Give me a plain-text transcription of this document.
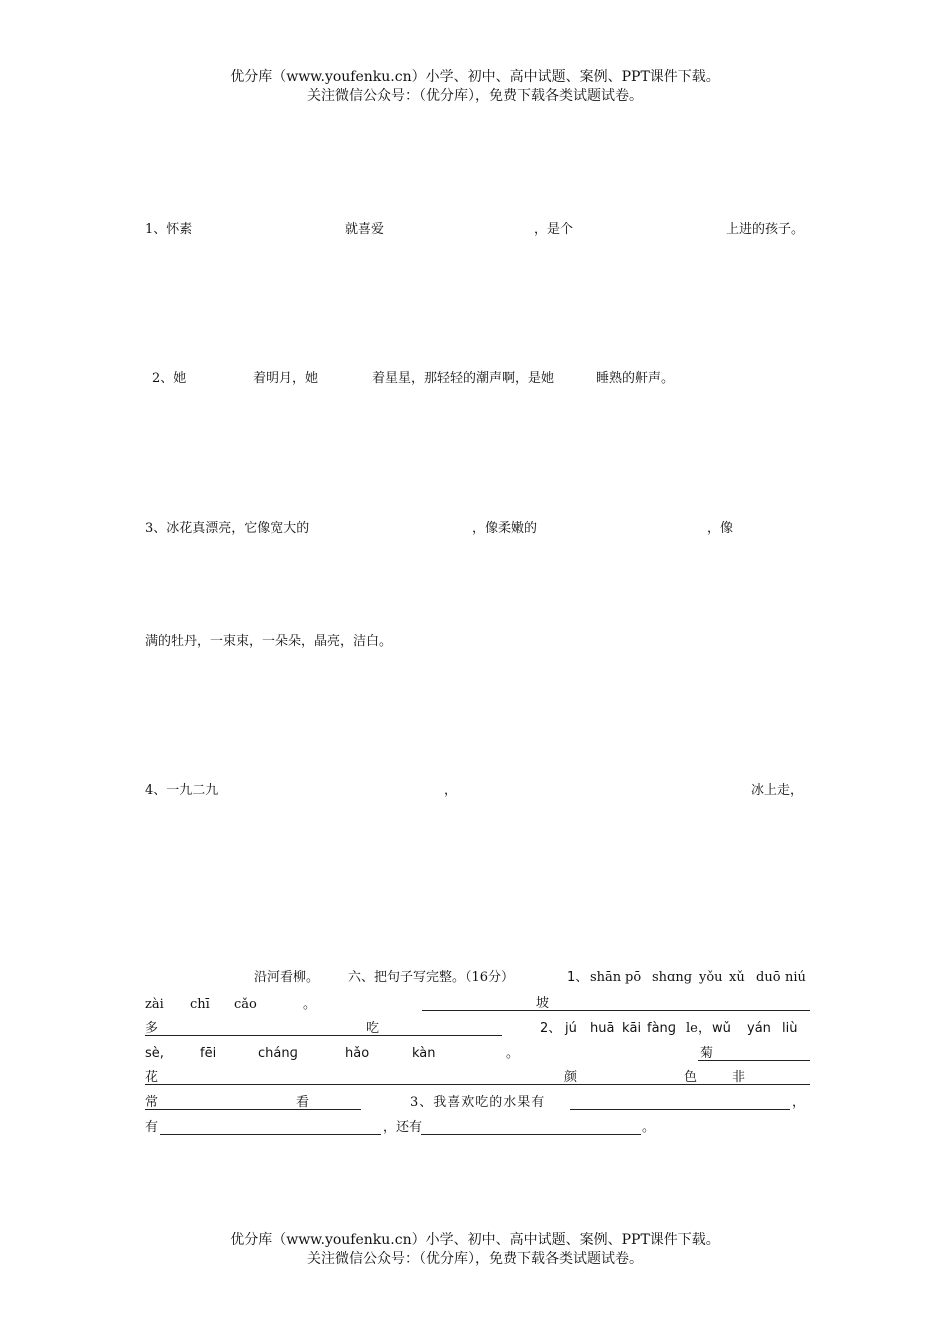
优分库（www.youfenku.cn）小学、初中、高中试题、案例、PPT课件下载。
关注微信公众号：（优分库），免费下载各类试题试卷。
1、怀素	就喜爱	，是个	上进的孩子。
2、她	着明月，她	着星星，那轻轻的潮声啊，是她	睡熟的鼾声。
3、冰花真漂亮，它像宽大的	，像柔嫩的	，像
满的牡丹，一束束，一朵朵，晶亮，洁白。
4、一九二九	，	冰上走，
沿河看柳。 六、把句子写完整。（16分）	1、 shān pō shɑnɡ yǒu xǔ duō niú
zài chī cǎo	。	坡
多	吃	2、 jú huā kāi fànɡ le ， wǔ yán liù
sè,	fēi	chánɡ	hǎo	kàn	。	菊
花	颜	色	非
常	看	3、我喜欢吃的水果有	，
有	，还有	。
优分库（www.youfenku.cn）小学、初中、高中试题、案例、PPT课件下载。
关注微信公众号：（优分库），免费下载各类试题试卷。
